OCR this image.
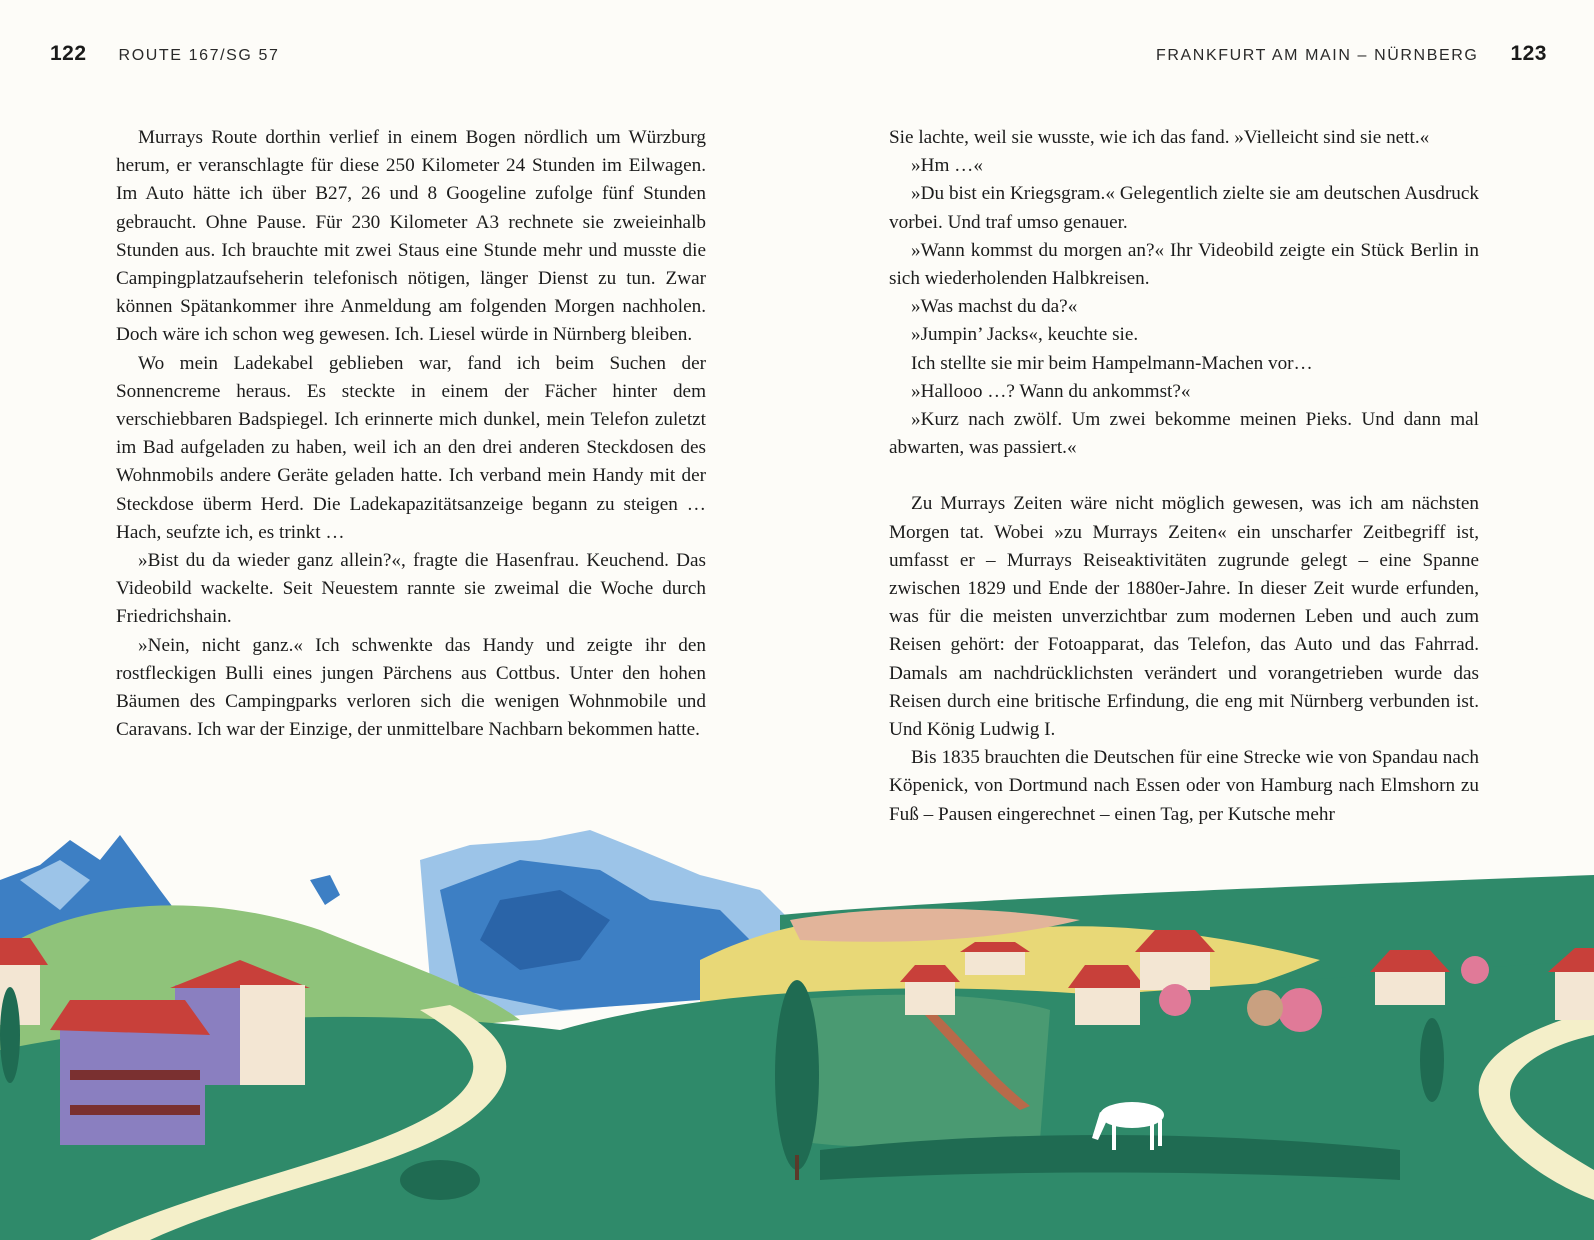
122 ROUTE 167/SG 57	FRANKFURT AM MAIN – NÜRNBERG 123

Murrays Route dorthin verlief in einem Bogen nördlich um Würzburg herum, er veranschlagte für diese 250 Kilometer 24 Stunden im Eilwagen. Im Auto hätte ich über B27, 26 und 8 Googeline zufolge fünf Stunden gebraucht. Ohne Pause. Für 230 Kilometer A3 rechnete sie zweieinhalb Stunden aus. Ich brauchte mit zwei Staus eine Stunde mehr und musste die Campingplatzaufseherin telefonisch nötigen, länger Dienst zu tun. Zwar können Spätankommer ihre Anmeldung am folgenden Morgen nachholen. Doch wäre ich schon weg gewesen. Ich. Liesel würde in Nürnberg bleiben.

Wo mein Ladekabel geblieben war, fand ich beim Suchen der Sonnencreme heraus. Es steckte in einem der Fächer hinter dem verschiebbaren Badspiegel. Ich erinnerte mich dunkel, mein Telefon zuletzt im Bad aufgeladen zu haben, weil ich an den drei anderen Steckdosen des Wohnmobils andere Geräte geladen hatte. Ich verband mein Handy mit der Steckdose überm Herd. Die Ladekapazitätsanzeige begann zu steigen … Hach, seufzte ich, es trinkt …

»Bist du da wieder ganz allein?«, fragte die Hasenfrau. Keuchend. Das Videobild wackelte. Seit Neuestem rannte sie zweimal die Woche durch Friedrichshain.

»Nein, nicht ganz.« Ich schwenkte das Handy und zeigte ihr den rostfleckigen Bulli eines jungen Pärchens aus Cottbus. Unter den hohen Bäumen des Campingparks verloren sich die wenigen Wohnmobile und Caravans. Ich war der Einzige, der unmittelbare Nachbarn bekommen hatte.

Sie lachte, weil sie wusste, wie ich das fand. »Vielleicht sind sie nett.«

»Hm …«

»Du bist ein Kriegsgram.« Gelegentlich zielte sie am deutschen Ausdruck vorbei. Und traf umso genauer.

»Wann kommst du morgen an?« Ihr Videobild zeigte ein Stück Berlin in sich wiederholenden Halbkreisen.

»Was machst du da?«

»Jumpin’ Jacks«, keuchte sie.

Ich stellte sie mir beim Hampelmann-Machen vor…

»Hallooo …? Wann du ankommst?«

»Kurz nach zwölf. Um zwei bekomme meinen Pieks. Und dann mal abwarten, was passiert.«

Zu Murrays Zeiten wäre nicht möglich gewesen, was ich am nächsten Morgen tat. Wobei »zu Murrays Zeiten« ein unscharfer Zeitbegriff ist, umfasst er – Murrays Reiseaktivitäten zugrunde gelegt – eine Spanne zwischen 1829 und Ende der 1880er-Jahre. In dieser Zeit wurde erfunden, was für die meisten unverzichtbar zum modernen Leben und auch zum Reisen gehört: der Fotoapparat, das Telefon, das Auto und das Fahrrad. Damals am nachdrücklichsten verändert und vorangetrieben wurde das Reisen durch eine britische Erfindung, die eng mit Nürnberg verbunden ist. Und König Ludwig I.

Bis 1835 brauchten die Deutschen für eine Strecke wie von Spandau nach Köpenick, von Dortmund nach Essen oder von Hamburg nach Elmshorn zu Fuß – Pausen eingerechnet – einen Tag, per Kutsche mehr
